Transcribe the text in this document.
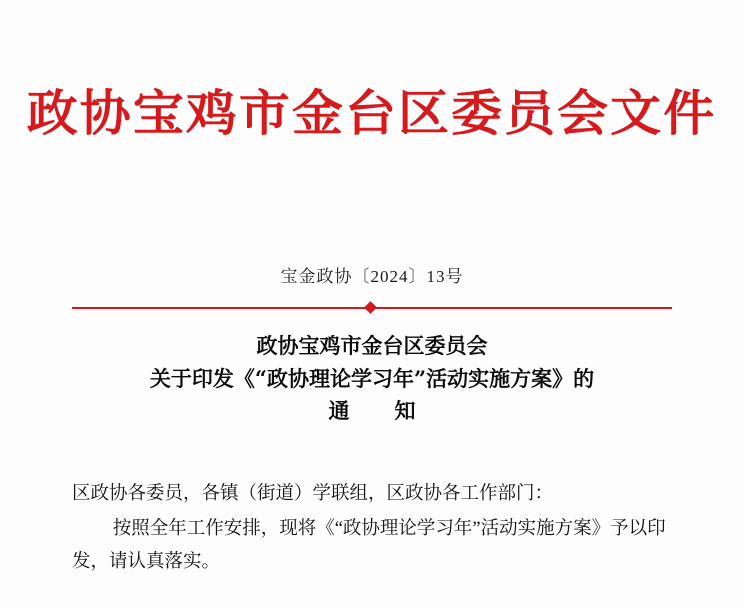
政协宝鸡市金台区委员会文件
宝金政协〔2024〕13号
政协宝鸡市金台区委员会
关于印发《“政协理论学习年”活动实施方案》的
通　知

区政协各委员，各镇（街道）学联组，区政协各工作部门：

按照全年工作安排，现将《“政协理论学习年”活动实施方案》予以印发，请认真落实。
